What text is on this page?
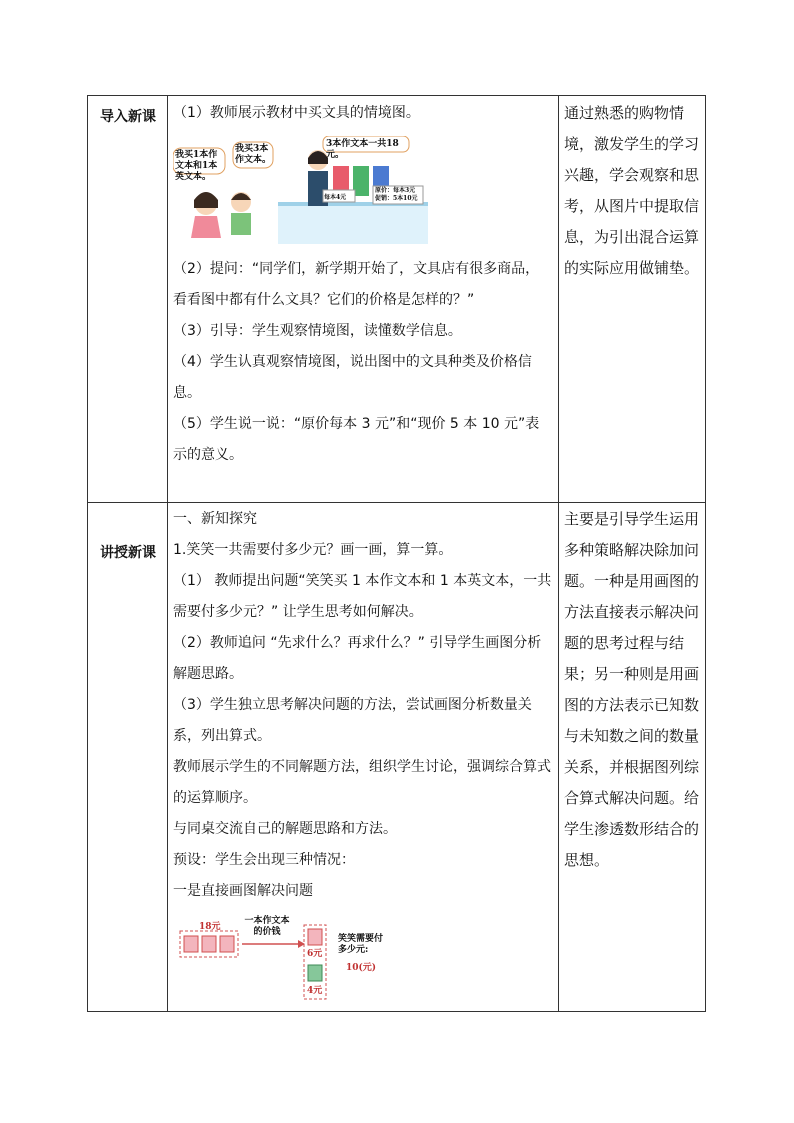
导入新课	（1）教师展示教材中买文具的情境图。
我买1本作文本和1本英文本。
我买3本作文本。
3本作文本一共18元。
每本4元
原价：每本3元
促销：5本10元

（2）提问：“同学们，新学期开始了，文具店有很多商品，看看图中都有什么文具？它们的价格是怎样的？”

（3）引导：学生观察情境图，读懂数学信息。

（4）学生认真观察情境图，说出图中的文具种类及价格信息。

（5）学生说一说：“原价每本 3 元”和“现价 5 本 10 元”表示的意义。

通过熟悉的购物情境，激发学生的学习兴趣，学会观察和思考，从图片中提取信息，为引出混合运算的实际应用做铺垫。
讲授新课

一、新知探究

1.笑笑一共需要付多少元？画一画，算一算。

（1） 教师提出问题“笑笑买 1 本作文本和 1 本英文本，一共需要付多少元？” 让学生思考如何解决。

（2）教师追问 “先求什么？再求什么？” 引导学生画图分析解题思路。

（3）学生独立思考解决问题的方法，尝试画图分析数量关系，列出算式。

教师展示学生的不同解题方法，组织学生讨论，强调综合算式的运算顺序。

与同桌交流自己的解题思路和方法。

预设：学生会出现三种情况：

一是直接画图解决问题

主要是引导学生运用多种策略解决除加问题。一种是用画图的方法直接表示解决问题的思考过程与结果；另一种则是用画图的方法表示已知数与未知数之间的数量关系，并根据图列综合算式解决问题。给学生渗透数形结合的思想。
18元
一本作文本的价钱
6元
4元
笑笑需要付多少元:
10(元)
